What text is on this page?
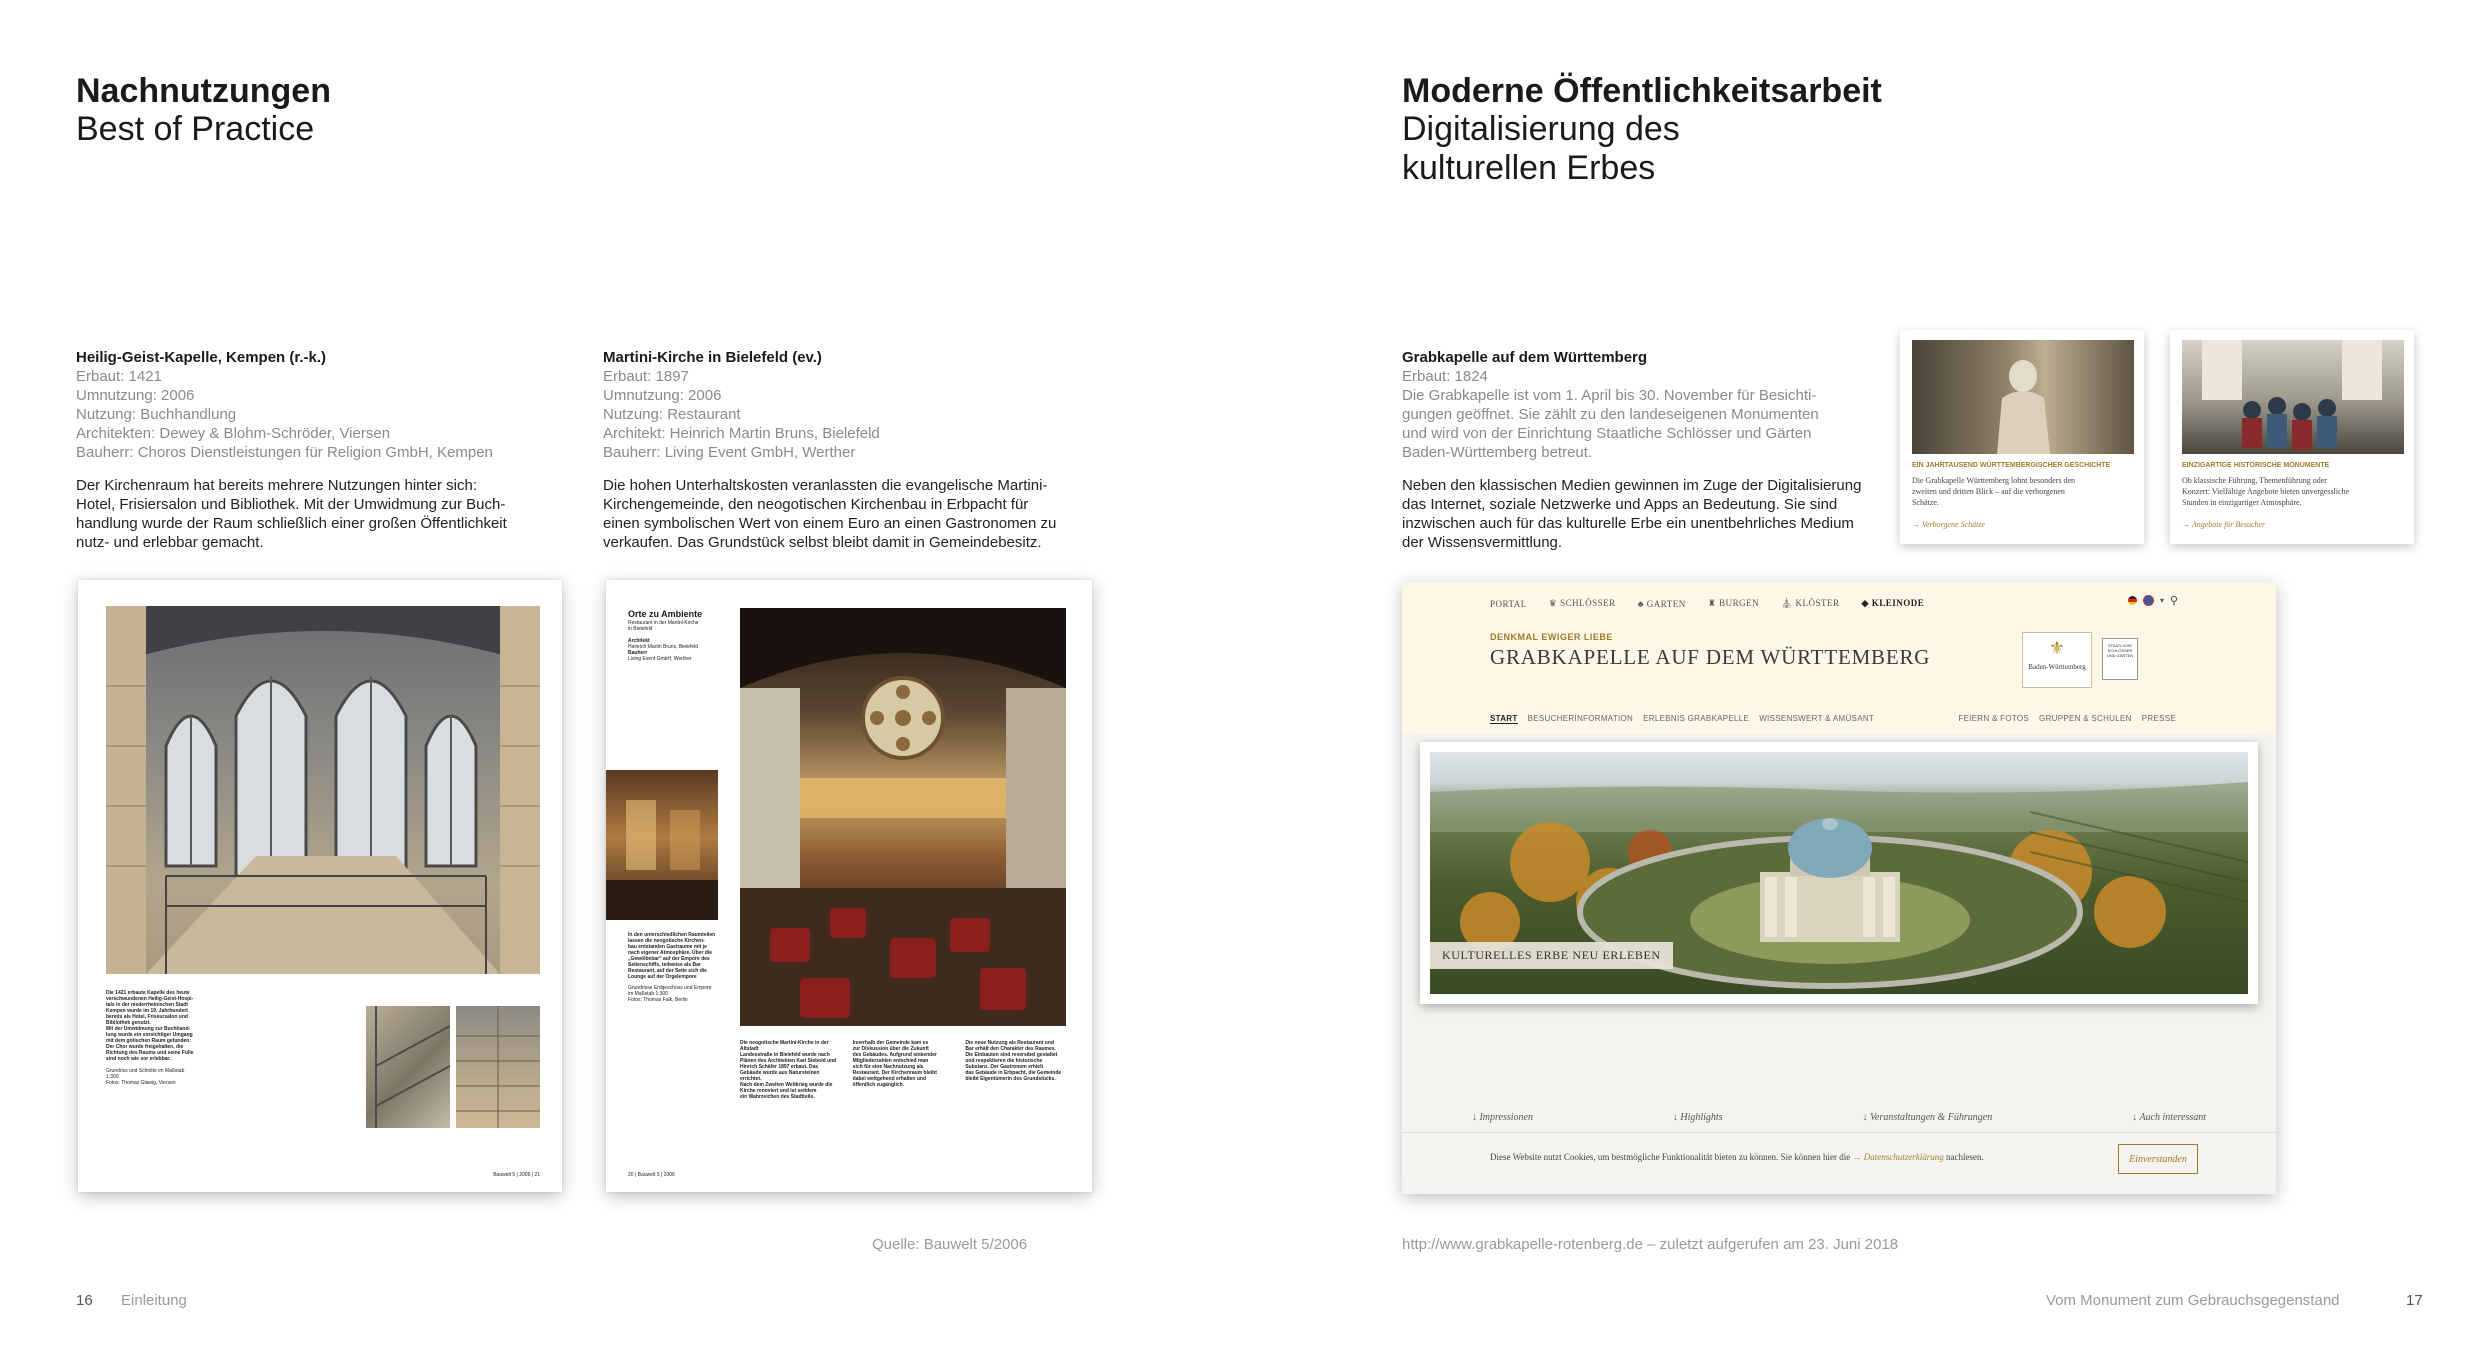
Nachnutzungen
Best of Practice
Heilig-Geist-Kapelle, Kempen (r.-k.)
Erbaut: 1421
Umnutzung: 2006
Nutzung: Buchhandlung
Architekten: Dewey & Blohm-Schröder, Viersen
Bauherr: Choros Dienstleistungen für Religion GmbH, Kempen
Der Kirchenraum hat bereits mehrere Nutzungen hinter sich:
Hotel, Frisiersalon und Bibliothek. Mit der Umwidmung zur Buch-
handlung wurde der Raum schließlich einer großen Öffentlichkeit
nutz- und erlebbar gemacht.
Martini-Kirche in Bielefeld (ev.)
Erbaut: 1897
Umnutzung: 2006
Nutzung: Restaurant
Architekt: Heinrich Martin Bruns, Bielefeld
Bauherr: Living Event GmbH, Werther
Die hohen Unterhaltskosten veranlassten die evangelische Martini-
Kirchengemeinde, den neogotischen Kirchenbau in Erbpacht für
einen symbolischen Wert von einem Euro an einen Gastronomen zu
verkaufen. Das Grundstück selbst bleibt damit in Gemeindebesitz.
Die 1421 erbaute Kapelle des heute
verschwundenen Heilig-Geist-Hospi-
tals in der niederrheinischen Stadt
Kempen wurde im 19. Jahrhundert
bereits als Hotel, Friseursalon und
Bibliothek genutzt.
Mit der Umwidmung zur Buchhand-
lung wurde ein vorsichtiger Umgang
mit dem gotischen Raum gefunden:
Der Chor wurde freigehalten, die
Richtung des Raums und seine Fülle
sind noch wie vor erlebbar.
Grundriss und Schnitte im Maßstab
1:300
Fotos: Thomas Glawig, Viersen
Bauwelt 5 | 2006 | 21
Orte zu Ambiente
Restaurant in der Martini-Kirche
in Bielefeld
Architekt
Heinrich Martin Bruns, Bielefeld
Bauherr
Living Event GmbH, Werther
In den unterschiedlichen Raumteilen
lassen die neogotische Kirchen-
bau entstanden Gastraume mit je
nach eigener Atmosphäre. Über die
„Gewölbebar“ auf der Empore des
Seitenschiffs, teilweise als Bar
Restaurant, auf der Seite sich die
Lounge auf der Orgelempore
Grundrisse Erdgeschoss und Empore
im Maßstab 1:300
Fotos: Thomas Falk, Berlin
Die neogotische Martini-Kirche in der Altstadt
Landesstraße in Bielefeld wurde nach
Plänen des Architekten Karl Siebold und
Hinrich Schäfer 1897 erbaut. Das
Gebäude wurde aus Natursteinen errichtet.
Nach dem Zweiten Weltkrieg wurde die
Kirche renoviert und ist seitdem
ein Wahrzeichen des Stadtteils.
Innerhalb der Gemeinde kam es
zur Diskussion über die Zukunft
des Gebäudes. Aufgrund sinkender
Mitgliederzahlen entschied man
sich für eine Nachnutzung als
Restaurant. Der Kirchenraum bleibt
dabei weitgehend erhalten und
öffentlich zugänglich.
Die neue Nutzung als Restaurant und
Bar erhält den Charakter des Raumes.
Die Einbauten sind reversibel gestaltet
und respektieren die historische
Substanz. Der Gastronom erhielt
das Gebäude in Erbpacht, die Gemeinde
bleibt Eigentümerin des Grundstücks.
20 | Bauwelt 5 | 2006
Quelle: Bauwelt 5/2006
16 Einleitung
Moderne Öffentlichkeitsarbeit
Digitalisierung des
kulturellen Erbes
Grabkapelle auf dem Württemberg
Erbaut: 1824
Die Grabkapelle ist vom 1. April bis 30. November für Besichti-
gungen geöffnet. Sie zählt zu den landeseigenen Monumenten
und wird von der Einrichtung Staatliche Schlösser und Gärten
Baden-Württemberg betreut.
Neben den klassischen Medien gewinnen im Zuge der Digitalisierung
das Internet, soziale Netzwerke und Apps an Bedeutung. Sie sind
inzwischen auch für das kulturelle Erbe ein unentbehrliches Medium
der Wissensvermittlung.
EIN JAHRTAUSEND WÜRTTEMBERGISCHER GESCHICHTE
Die Grabkapelle Württemberg lohnt besonders den
zweiten und dritten Blick – auf die verborgenen
Schätze.
→ Verborgene Schätze
EINZIGARTIGE HISTORISCHE MONUMENTE
Ob klassische Führung, Themenführung oder
Konzert: Vielfältige Angebote bieten unvergessliche
Stunden in einzigartiger Atmosphäre.
→ Angebote für Besucher
PORTAL ♛ SCHLÖSSER ♣ GARTEN ♜ BURGEN ⛪ KLÖSTER ◆ KLEINODE	▾ ⚲
DENKMAL EWIGER LIEBE
GRABKAPELLE AUF DEM WÜRTTEMBERG	⚜
Baden-Württemberg
STAATLICHE SCHLÖSSER UND GÄRTEN
START BESUCHERINFORMATION ERLEBNIS GRABKAPELLE WISSENSWERT & AMÜSANT	FEIERN & FOTOS GRUPPEN & SCHULEN PRESSE
KULTURELLES ERBE NEU ERLEBEN
↓ Impressionen	↓ Highlights	↓ Veranstaltungen & Führungen	↓ Auch interessant
Diese Website nutzt Cookies, um bestmögliche Funktionalität bieten zu können. Sie können hier die → Datenschutzerklärung nachlesen.	Einverstanden
http://www.grabkapelle-rotenberg.de – zuletzt aufgerufen am 23. Juni 2018
Vom Monument zum Gebrauchsgegenstand	17
